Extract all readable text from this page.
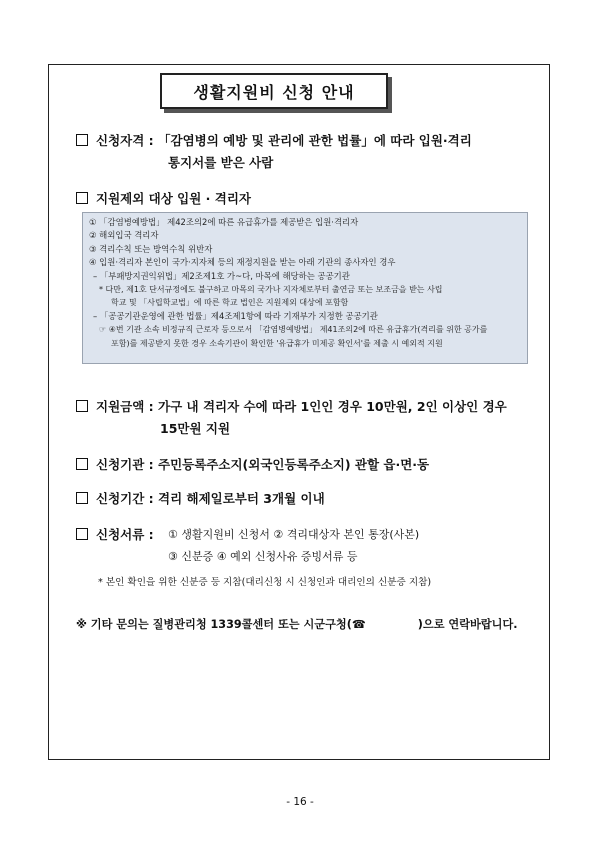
생활지원비 신청 안내
신청자격 : 「감염병의 예방 및 관리에 관한 법률」에 따라 입원·격리
통지서를 받은 사람
지원제외 대상 입원 · 격리자
① 「감염병예방법」 제42조의2에 따른 유급휴가를 제공받은 입원·격리자
② 해외입국 격리자
③ 격리수칙 또는 방역수칙 위반자
④ 입원·격리자 본인이 국가·지자체 등의 재정지원을 받는 아래 기관의 종사자인 경우
– 「부패방지권익위법」제2조제1호 가~다, 마목에 해당하는 공공기관
* 다만, 제1호 단서규정에도 불구하고 마목의 국가나 지자체로부터 출연금 또는 보조금을 받는 사립
학교 및 「사립학교법」에 따른 학교 법인은 지원제외 대상에 포함함
– 「공공기관운영에 관한 법률」제4조제1항에 따라 기재부가 지정한 공공기관
☞ ④번 기관 소속 비정규직 근로자 등으로서 「감염병예방법」 제41조의2에 따른 유급휴가(격리를 위한 공가를
포함)를 제공받지 못한 경우 소속기관이 확인한 '유급휴가 미제공 확인서'를 제출 시 예외적 지원
지원금액 : 가구 내 격리자 수에 따라 1인인 경우 10만원, 2인 이상인 경우
15만원 지원
신청기관 : 주민등록주소지(외국인등록주소지) 관할 읍·면·동
신청기간 : 격리 해제일로부터 3개월 이내
신청서류 : ① 생활지원비 신청서 ② 격리대상자 본인 통장(사본)
③ 신분증 ④ 예외 신청사유 증빙서류 등
* 본인 확인을 위한 신분증 등 지참(대리신청 시 신청인과 대리인의 신분증 지참)
※ 기타 문의는 질병관리청 1339콜센터 또는 시군구청(☎	)으로 연락바랍니다.
- 16 -
